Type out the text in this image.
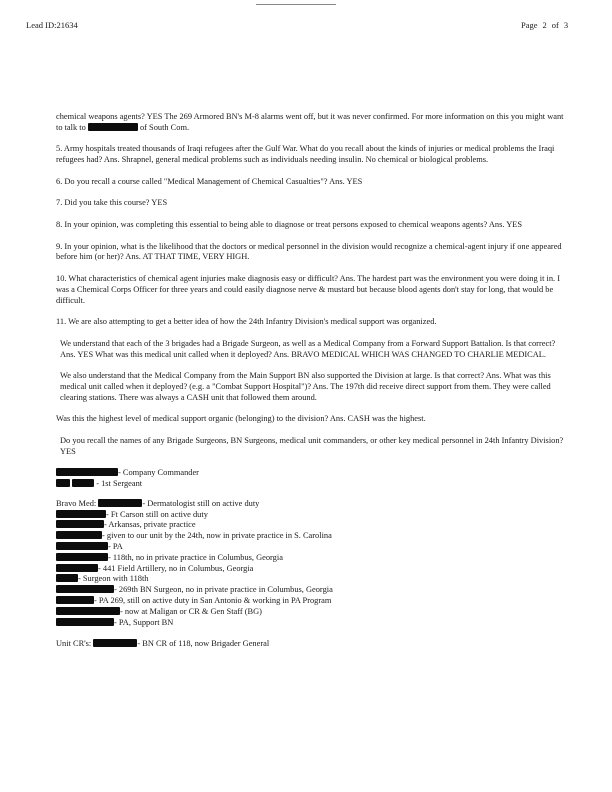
Lead ID:21634	Page 2 of 3

chemical weapons agents? YES The 269 Armored BN's M-8 alarms went off, but it was never confirmed. For more information on this you might want to talk to	of South Com.

5. Army hospitals treated thousands of Iraqi refugees after the Gulf War. What do you recall about the kinds of injuries or medical problems the Iraqi refugees had? Ans. Shrapnel, general medical problems such as individuals needing insulin. No chemical or biological problems.

6. Do you recall a course called "Medical Management of Chemical Casualties"? Ans. YES

7. Did you take this course? YES

8. In your opinion, was completing this essential to being able to diagnose or treat persons exposed to chemical weapons agents? Ans. YES

9. In your opinion, what is the likelihood that the doctors or medical personnel in the division would recognize a chemical-agent injury if one appeared before him (or her)? Ans. AT THAT TIME, VERY HIGH.

10. What characteristics of chemical agent injuries make diagnosis easy or difficult? Ans. The hardest part was the environment you were doing it in. I was a Chemical Corps Officer for three years and could easily diagnose nerve & mustard but because blood agents don't stay for long, that would be difficult.

11. We are also attempting to get a better idea of how the 24th Infantry Division's medical support was organized.

We understand that each of the 3 brigades had a Brigade Surgeon, as well as a Medical Company from a Forward Support Battalion. Is that correct? Ans. YES What was this medical unit called when it deployed? Ans. BRAVO MEDICAL WHICH WAS CHANGED TO CHARLIE MEDICAL.

We also understand that the Medical Company from the Main Support BN also supported the Division at large. Is that correct? Ans. What was this medical unit called when it deployed? (e.g. a "Combat Support Hospital")? Ans. The 197th did receive direct support from them. They were called clearing stations. There was always a CASH unit that followed them around.

Was this the highest level of medical support organic (belonging) to the division? Ans. CASH was the highest.

Do you recall the names of any Brigade Surgeons, BN Surgeons, medical unit commanders, or other key medical personnel in 24th Infantry Division? YES

- Company Commander
- 1st Sergeant
Bravo Med:	- Dermatologist still on active duty
- Ft Carson still on active duty
- Arkansas, private practice
- given to our unit by the 24th, now in private practice in S. Carolina
- PA
- 118th, no in private practice in Columbus, Georgia
- 441 Field Artillery, no in Columbus, Georgia
- Surgeon with 118th
- 269th BN Surgeon, no in private practice in Columbus, Georgia
- PA 269, still on active duty in San Antonio & working in PA Program
- now at Maligan or CR & Gen Staff (BG)
- PA, Support BN
Unit CR's:	- BN CR of 118, now Brigader General
